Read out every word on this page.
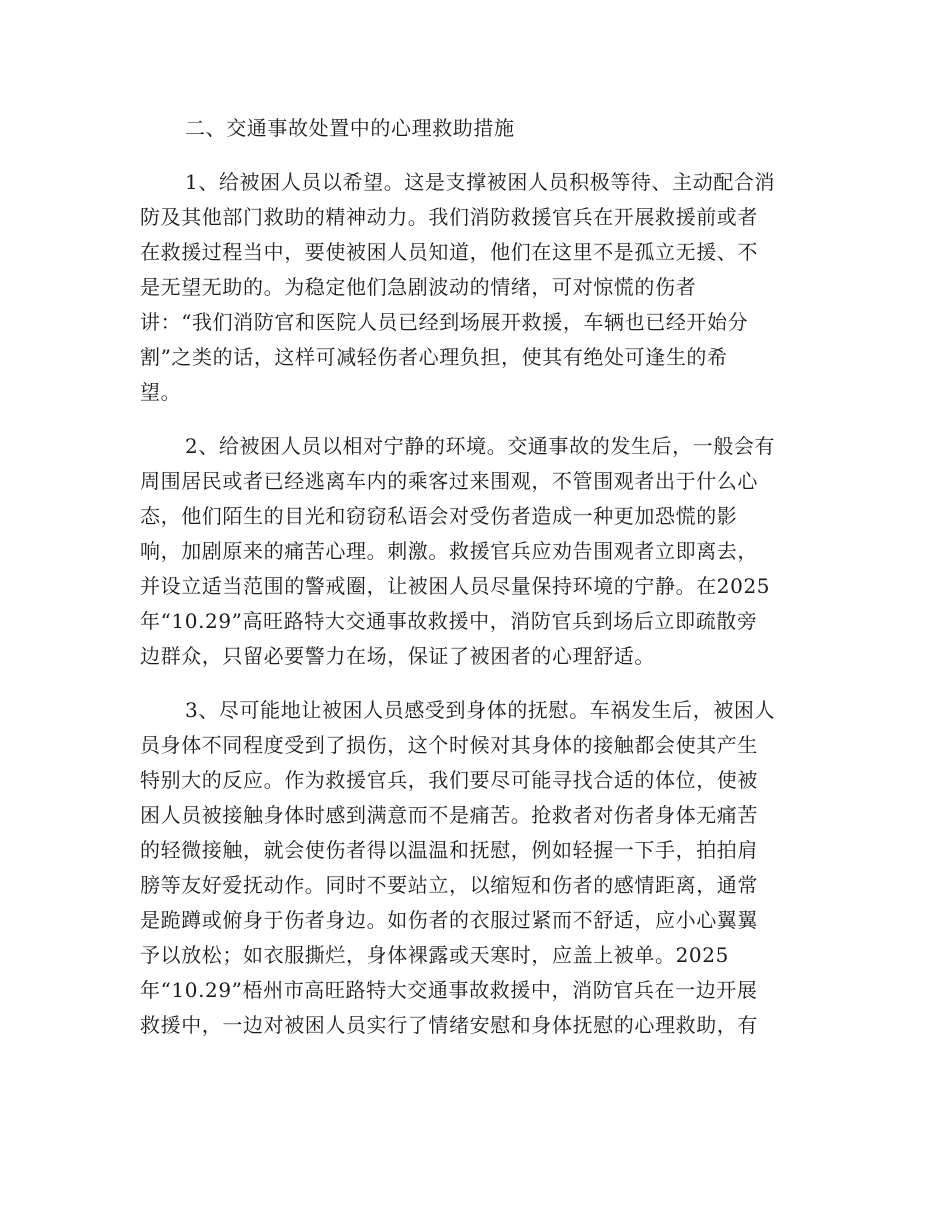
二、交通事故处置中的心理救助措施
1、给被困人员以希望。这是支撑被困人员积极等待、主动配合消
防及其他部门救助的精神动力。我们消防救援官兵在开展救援前或者
在救援过程当中，要使被困人员知道，他们在这里不是孤立无援、不
是无望无助的。为稳定他们急剧波动的情绪，可对惊慌的伤者
讲：“我们消防官和医院人员已经到场展开救援，车辆也已经开始分
割”之类的话，这样可减轻伤者心理负担，使其有绝处可逢生的希
望。
2、给被困人员以相对宁静的环境。交通事故的发生后，一般会有
周围居民或者已经逃离车内的乘客过来围观，不管围观者出于什么心
态，他们陌生的目光和窃窃私语会对受伤者造成一种更加恐慌的影
响，加剧原来的痛苦心理。刺激。救援官兵应劝告围观者立即离去，
并设立适当范围的警戒圈，让被困人员尽量保持环境的宁静。在2025
年“10.29”高旺路特大交通事故救援中，消防官兵到场后立即疏散旁
边群众，只留必要警力在场，保证了被困者的心理舒适。
3、尽可能地让被困人员感受到身体的抚慰。车祸发生后，被困人
员身体不同程度受到了损伤，这个时候对其身体的接触都会使其产生
特别大的反应。作为救援官兵，我们要尽可能寻找合适的体位，使被
困人员被接触身体时感到满意而不是痛苦。抢救者对伤者身体无痛苦
的轻微接触，就会使伤者得以温温和抚慰，例如轻握一下手，拍拍肩
膀等友好爱抚动作。同时不要站立，以缩短和伤者的感情距离，通常
是跪蹲或俯身于伤者身边。如伤者的衣服过紧而不舒适，应小心翼翼
予以放松；如衣服撕烂，身体裸露或天寒时，应盖上被单。2025
年“10.29”梧州市高旺路特大交通事故救援中，消防官兵在一边开展
救援中，一边对被困人员实行了情绪安慰和身体抚慰的心理救助，有
